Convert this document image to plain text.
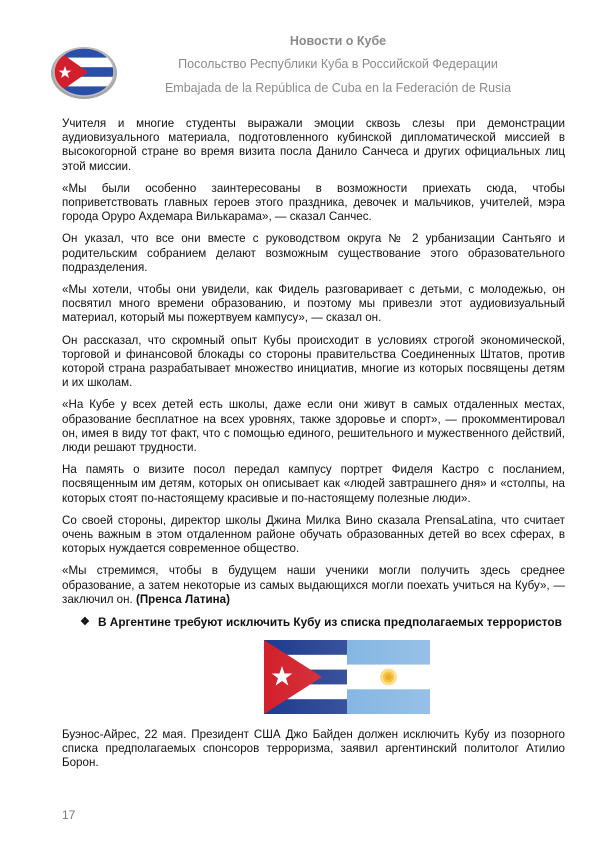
Новости о Кубе
Посольство Республики Куба в Российской Федерации
Embajada de la República de Cuba en la Federación de Rusia

Учителя и многие студенты выражали эмоции сквозь слезы при демонстрации аудиовизуального материала, подготовленного кубинской дипломатической миссией в высокогорной стране во время визита посла Данило Санчеса и других официальных лиц этой миссии.

«Мы были особенно заинтересованы в возможности приехать сюда, чтобы поприветствовать главных героев этого праздника, девочек и мальчиков, учителей, мэра города Оруро Ахдемара Вилькарама», — сказал Санчес.

Он указал, что все они вместе с руководством округа № 2 урбанизации Сантьяго и родительским собранием делают возможным существование этого образовательного подразделения.

«Мы хотели, чтобы они увидели, как Фидель разговаривает с детьми, с молодежью, он посвятил много времени образованию, и поэтому мы привезли этот аудиовизуальный материал, который мы пожертвуем кампусу», — сказал он.

Он рассказал, что скромный опыт Кубы происходит в условиях строгой экономической, торговой и финансовой блокады со стороны правительства Соединенных Штатов, против которой страна разрабатывает множество инициатив, многие из которых посвящены детям и их школам.

«На Кубе у всех детей есть школы, даже если они живут в самых отдаленных местах, образование бесплатное на всех уровнях, также здоровье и спорт», — прокомментировал он, имея в виду тот факт, что с помощью единого, решительного и мужественного действий, люди решают трудности.

На память о визите посол передал кампусу портрет Фиделя Кастро с посланием, посвященным им детям, которых он описывает как «людей завтрашнего дня» и «столпы, на которых стоят по-настоящему красивые и по-настоящему полезные люди».

Со своей стороны, директор школы Джина Милка Вино сказала PrensaLatina, что считает очень важным в этом отдаленном районе обучать образованных детей во всех сферах, в которых нуждается современное общество.

«Мы стремимся, чтобы в будущем наши ученики могли получить здесь среднее образование, а затем некоторые из самых выдающихся могли поехать учиться на Кубу», — заключил он. (Пренса Латина)

❖ В Аргентине требуют исключить Кубу из списка предполагаемых террористов

Буэнос-Айрес, 22 мая. Президент США Джо Байден должен исключить Кубу из позорного списка предполагаемых спонсоров терроризма, заявил аргентинский политолог Атилио Борон.

17
